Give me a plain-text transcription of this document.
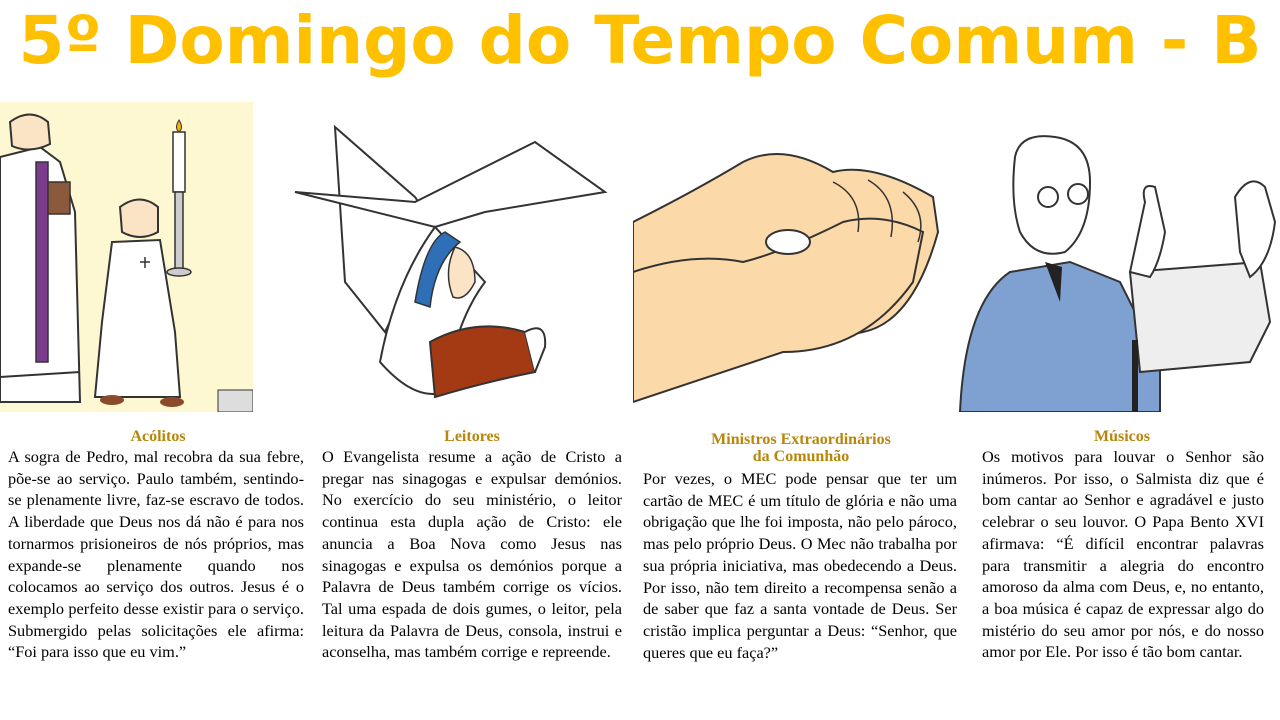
5º Domingo do Tempo Comum - B
Acólitos
A sogra de Pedro, mal recobra da sua febre, põe-se ao serviço. Paulo também, sentindo-se plenamente livre, faz-se escravo de todos. A liberdade que Deus nos dá não é para nos tornarmos prisioneiros de nós próprios, mas expande-se plenamente quando nos colocamos ao serviço dos outros. Jesus é o exemplo perfeito desse existir para o serviço. Submergido pelas solicitações ele afirma: “Foi para isso que eu vim.”
Leitores
O Evangelista resume a ação de Cristo a pregar nas sinagogas e expulsar demónios. No exercício do seu ministério, o leitor continua esta dupla ação de Cristo: ele anuncia a Boa Nova como Jesus nas sinagogas e expulsa os demónios porque a Palavra de Deus também corrige os vícios. Tal uma espada de dois gumes, o leitor, pela leitura da Palavra de Deus, consola, instrui e aconselha, mas também corrige e repreende.
Ministros Extraordinários
da Comunhão
Por vezes, o MEC pode pensar que ter um cartão de MEC é um título de glória e não uma obrigação que lhe foi imposta, não pelo pároco, mas pelo próprio Deus. O Mec não trabalha por sua própria iniciativa, mas obedecendo a Deus. Por isso, não tem direito a recompensa senão a de saber que faz a santa vontade de Deus. Ser cristão implica perguntar a Deus: “Senhor, que queres que eu faça?”
Músicos
Os motivos para louvar o Senhor são inúmeros. Por isso, o Salmista diz que é bom cantar ao Senhor e agradável e justo celebrar o seu louvor. O Papa Bento XVI afirmava: “É difícil encontrar palavras para transmitir a alegria do encontro amoroso da alma com Deus, e, no entanto, a boa música é capaz de expressar algo do mistério do seu amor por nós, e do nosso amor por Ele. Por isso é tão bom cantar.
